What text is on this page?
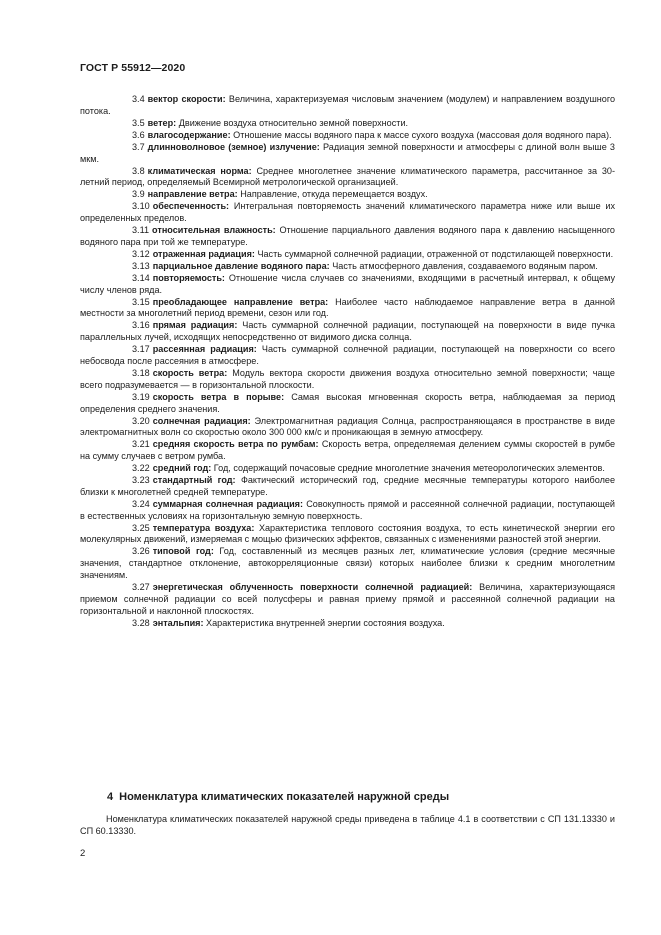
ГОСТ Р 55912—2020

3.4 вектор скорости: Величина, характеризуемая числовым значением (модулем) и направлением воздушного потока.

3.5 ветер: Движение воздуха относительно земной поверхности.

3.6 влагосодержание: Отношение массы водяного пара к массе сухого воздуха (массовая доля водяного пара).

3.7 длинноволновое (земное) излучение: Радиация земной поверхности и атмосферы с длиной волн выше 3 мкм.

3.8 климатическая норма: Среднее многолетнее значение климатического параметра, рассчитанное за 30-летний период, определяемый Всемирной метрологической организацией.

3.9 направление ветра: Направление, откуда перемещается воздух.

3.10 обеспеченность: Интегральная повторяемость значений климатического параметра ниже или выше их определенных пределов.

3.11 относительная влажность: Отношение парциального давления водяного пара к давлению насыщенного водяного пара при той же температуре.

3.12 отраженная радиация: Часть суммарной солнечной радиации, отраженной от подстилающей поверхности.

3.13 парциальное давление водяного пара: Часть атмосферного давления, создаваемого водяным паром.

3.14 повторяемость: Отношение числа случаев со значениями, входящими в расчетный интервал, к общему числу членов ряда.

3.15 преобладающее направление ветра: Наиболее часто наблюдаемое направление ветра в данной местности за многолетний период времени, сезон или год.

3.16 прямая радиация: Часть суммарной солнечной радиации, поступающей на поверхности в виде пучка параллельных лучей, исходящих непосредственно от видимого диска солнца.

3.17 рассеянная радиация: Часть суммарной солнечной радиации, поступающей на поверхности со всего небосвода после рассеяния в атмосфере.

3.18 скорость ветра: Модуль вектора скорости движения воздуха относительно земной поверхности; чаще всего подразумевается — в горизонтальной плоскости.

3.19 скорость ветра в порыве: Самая высокая мгновенная скорость ветра, наблюдаемая за период определения среднего значения.

3.20 солнечная радиация: Электромагнитная радиация Солнца, распространяющаяся в пространстве в виде электромагнитных волн со скоростью около 300 000 км/с и проникающая в земную атмосферу.

3.21 средняя скорость ветра по румбам: Скорость ветра, определяемая делением суммы скоростей в румбе на сумму случаев с ветром румба.

3.22 средний год: Год, содержащий почасовые средние многолетние значения метеорологических элементов.

3.23 стандартный год: Фактический исторический год, средние месячные температуры которого наиболее близки к многолетней средней температуре.

3.24 суммарная солнечная радиация: Совокупность прямой и рассеянной солнечной радиации, поступающей в естественных условиях на горизонтальную земную поверхность.

3.25 температура воздуха: Характеристика теплового состояния воздуха, то есть кинетической энергии его молекулярных движений, измеряемая с мощью физических эффектов, связанных с изменениями разностей этой энергии.

3.26 типовой год: Год, составленный из месяцев разных лет, климатические условия (средние месячные значения, стандартное отклонение, автокорреляционные связи) которых наиболее близки к средним многолетним значениям.

3.27 энергетическая облученность поверхности солнечной радиацией: Величина, характеризующаяся приемом солнечной радиации со всей полусферы и равная приему прямой и рассеянной солнечной радиации на горизонтальной и наклонной плоскостях.

3.28 энтальпия: Характеристика внутренней энергии состояния воздуха.

4 Номенклатура климатических показателей наружной среды

Номенклатура климатических показателей наружной среды приведена в таблице 4.1 в соответствии с СП 131.13330 и СП 60.13330.

2
